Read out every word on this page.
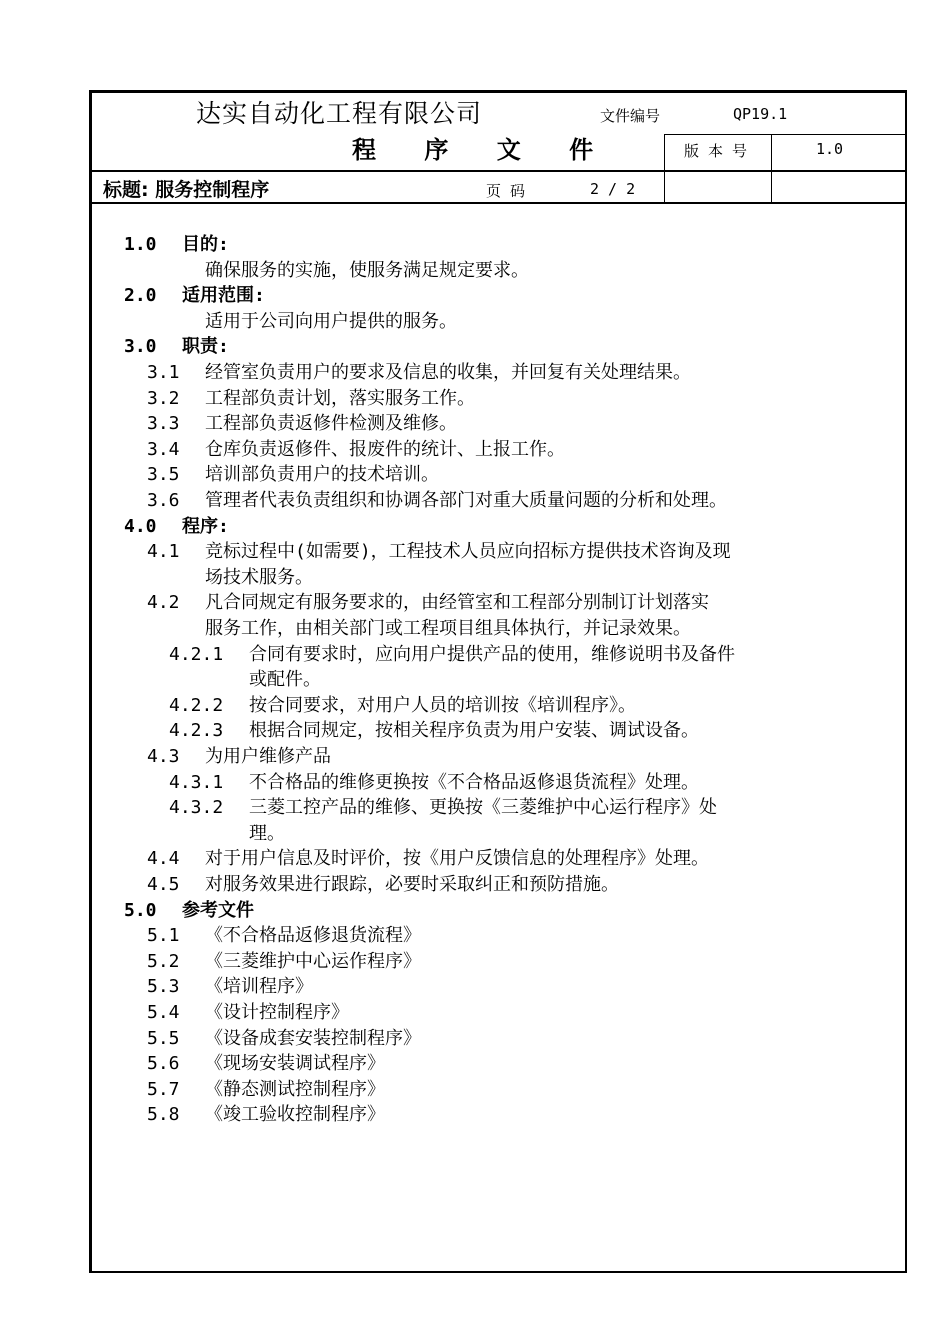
达实自动化工程有限公司
程 序 文 件
文件编号	QP19.1
版 本 号	1.0
标题: 服务控制程序	页 码	2 / 2
1.0 目的:
确保服务的实施，使服务满足规定要求。
2.0 适用范围:
适用于公司向用户提供的服务。
3.0 职责:
3.1 经管室负责用户的要求及信息的收集，并回复有关处理结果。
3.2 工程部负责计划，落实服务工作。
3.3 工程部负责返修件检测及维修。
3.4 仓库负责返修件、报废件的统计、上报工作。
3.5 培训部负责用户的技术培训。
3.6 管理者代表负责组织和协调各部门对重大质量问题的分析和处理。
4.0 程序:
4.1 竞标过程中(如需要)，工程技术人员应向招标方提供技术咨询及现
场技术服务。
4.2 凡合同规定有服务要求的，由经管室和工程部分别制订计划落实
服务工作，由相关部门或工程项目组具体执行，并记录效果。
4.2.1 合同有要求时，应向用户提供产品的使用，维修说明书及备件
或配件。
4.2.2 按合同要求，对用户人员的培训按《培训程序》。
4.2.3 根据合同规定，按相关程序负责为用户安装、调试设备。
4.3 为用户维修产品
4.3.1 不合格品的维修更换按《不合格品返修退货流程》处理。
4.3.2 三菱工控产品的维修、更换按《三菱维护中心运行程序》处
理。
4.4 对于用户信息及时评价，按《用户反馈信息的处理程序》处理。
4.5 对服务效果进行跟踪，必要时采取纠正和预防措施。
5.0 参考文件
5.1 《不合格品返修退货流程》
5.2 《三菱维护中心运作程序》
5.3 《培训程序》
5.4 《设计控制程序》
5.5 《设备成套安装控制程序》
5.6 《现场安装调试程序》
5.7 《静态测试控制程序》
5.8 《竣工验收控制程序》
